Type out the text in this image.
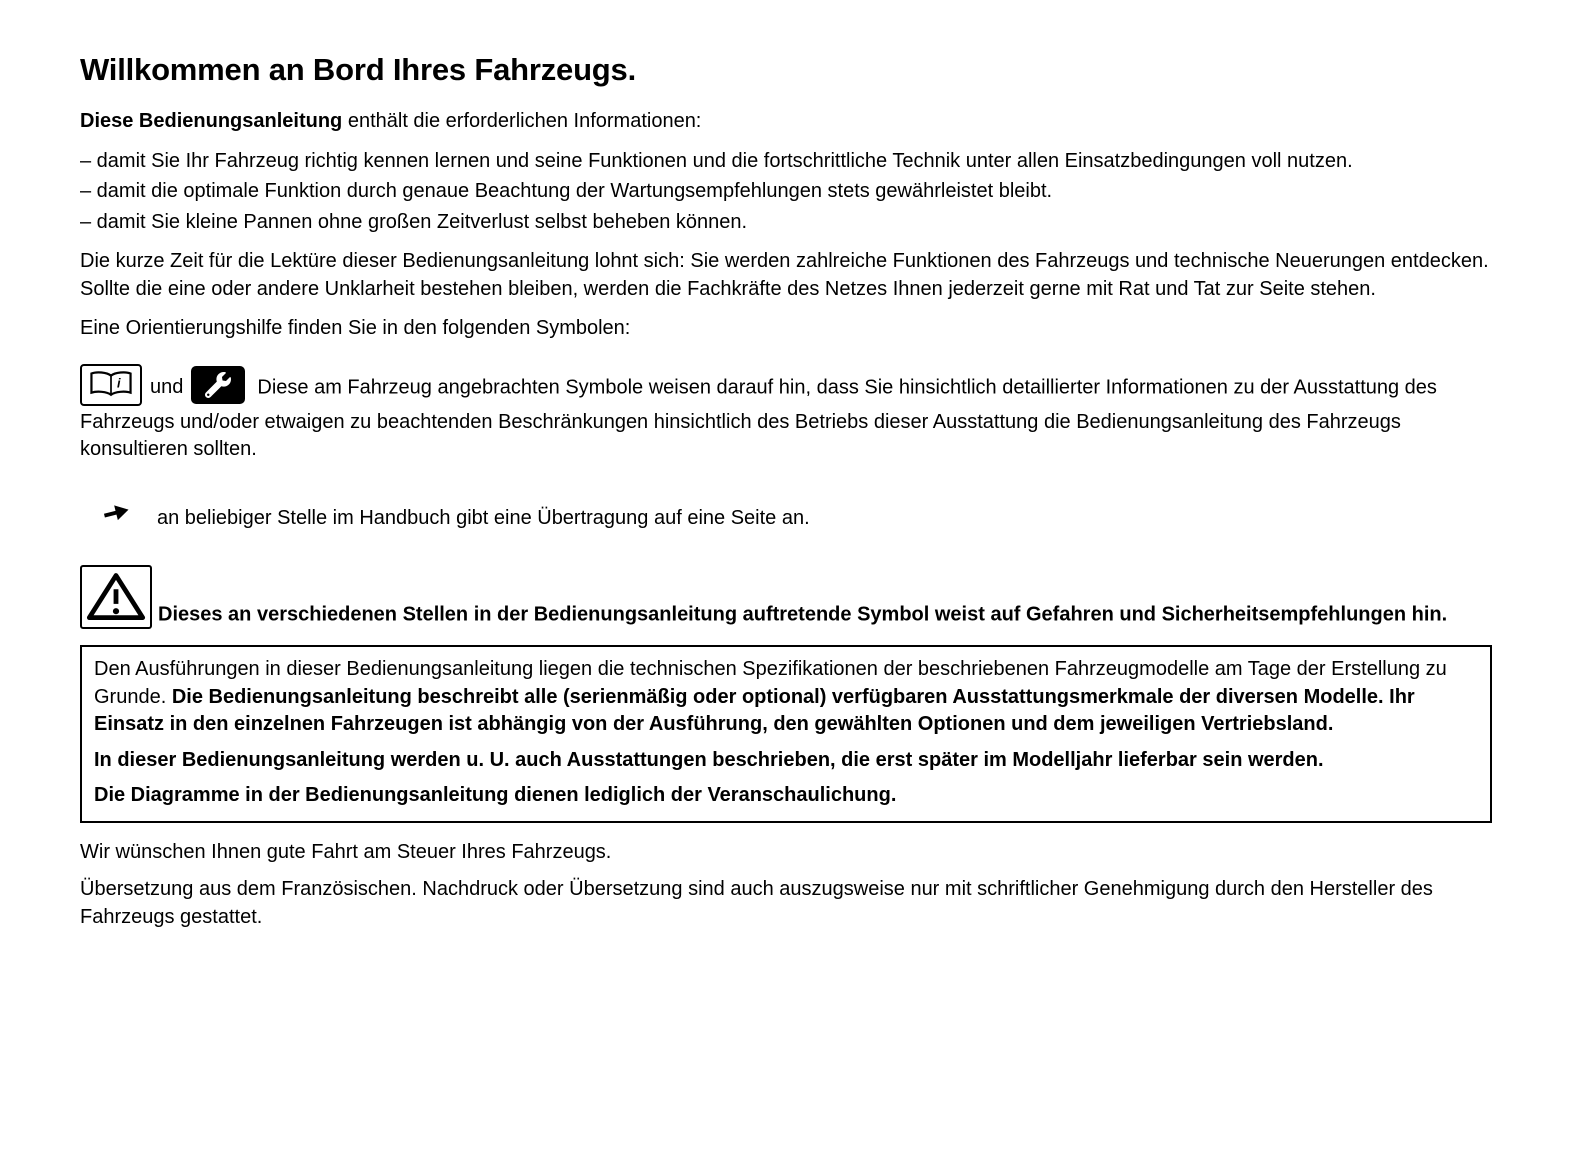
Willkommen an Bord Ihres Fahrzeugs.

Diese Bedienungsanleitung enthält die erforderlichen Informationen:

– damit Sie Ihr Fahrzeug richtig kennen lernen und seine Funktionen und die fortschrittliche Technik unter allen Einsatzbedingungen voll nutzen.

– damit die optimale Funktion durch genaue Beachtung der Wartungsempfehlungen stets gewährleistet bleibt.

– damit Sie kleine Pannen ohne großen Zeitverlust selbst beheben können.

Die kurze Zeit für die Lektüre dieser Bedienungsanleitung lohnt sich: Sie werden zahlreiche Funktionen des Fahrzeugs und technische Neuerungen entdecken. Sollte die eine oder andere Unklarheit bestehen bleiben, werden die Fachkräfte des Netzes Ihnen jederzeit gerne mit Rat und Tat zur Seite stehen.

Eine Orientierungshilfe finden Sie in den folgenden Symbolen:

i und	Diese am Fahrzeug angebrachten Symbole weisen darauf hin, dass Sie hinsichtlich detaillierter Informationen zu der Ausstattung des Fahrzeugs und/oder etwaigen zu beachtenden Beschränkungen hinsichtlich des Betriebs dieser Ausstattung die Bedienungsanleitung des Fahrzeugs konsultieren sollten.

an beliebiger Stelle im Handbuch gibt eine Übertragung auf eine Seite an.

Dieses an verschiedenen Stellen in der Bedienungsanleitung auftretende Symbol weist auf Gefahren und Sicherheitsempfehlungen hin.

Den Ausführungen in dieser Bedienungsanleitung liegen die technischen Spezifikationen der beschriebenen Fahrzeugmodelle am Tage der Erstellung zu Grunde. Die Bedienungsanleitung beschreibt alle (serienmäßig oder optional) verfügbaren Ausstattungsmerkmale der diversen Modelle. Ihr Einsatz in den einzelnen Fahrzeugen ist abhängig von der Ausführung, den gewählten Optionen und dem jeweiligen Vertriebsland.

In dieser Bedienungsanleitung werden u. U. auch Ausstattungen beschrieben, die erst später im Modelljahr lieferbar sein werden.

Die Diagramme in der Bedienungsanleitung dienen lediglich der Veranschaulichung.

Wir wünschen Ihnen gute Fahrt am Steuer Ihres Fahrzeugs.

Übersetzung aus dem Französischen. Nachdruck oder Übersetzung sind auch auszugsweise nur mit schriftlicher Genehmigung durch den Hersteller des Fahrzeugs gestattet.
